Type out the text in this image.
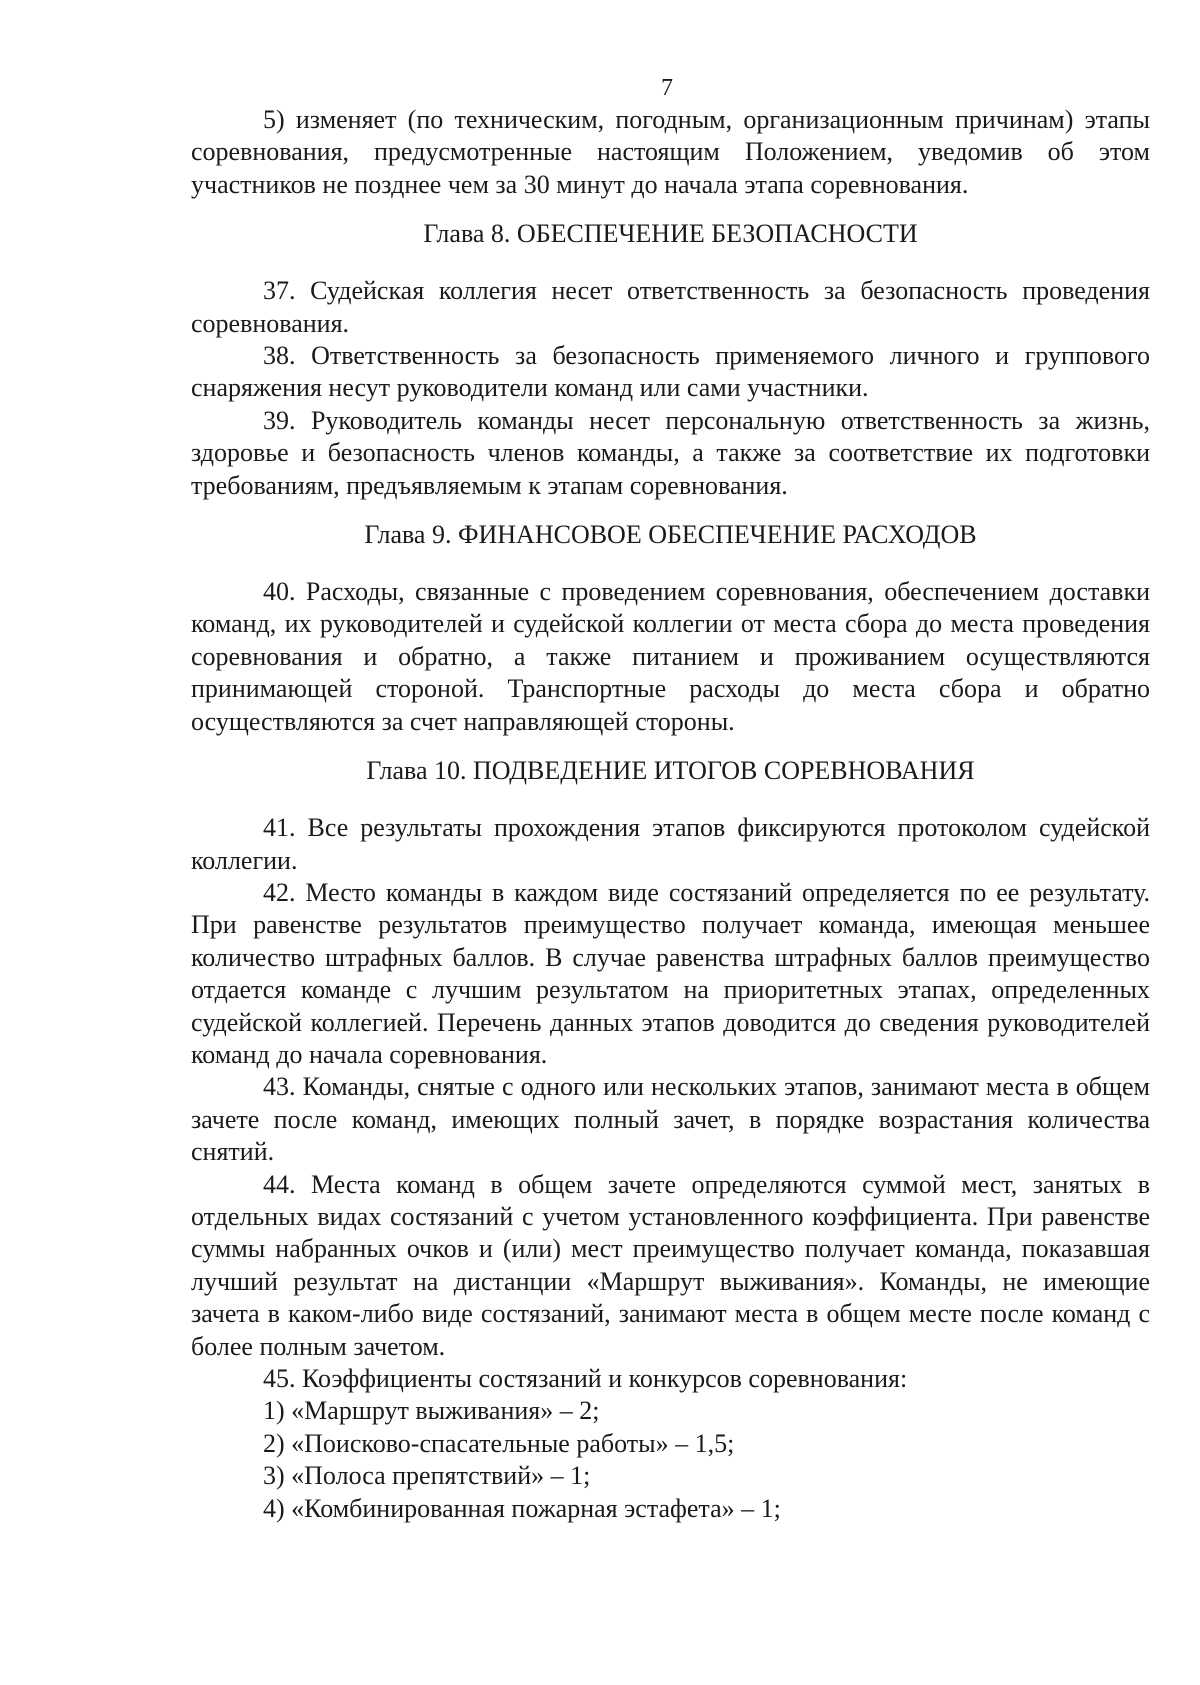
7

5) изменяет (по техническим, погодным, организационным причинам) этапы соревнования, предусмотренные настоящим Положением, уведомив об этом участников не позднее чем за 30 минут до начала этапа соревнования.

Глава 8. ОБЕСПЕЧЕНИЕ БЕЗОПАСНОСТИ

37. Судейская коллегия несет ответственность за безопасность проведения соревнования.

38. Ответственность за безопасность применяемого личного и группового снаряжения несут руководители команд или сами участники.

39. Руководитель команды несет персональную ответственность за жизнь, здоровье и безопасность членов команды, а также за соответствие их подготовки требованиям, предъявляемым к этапам соревнования.

Глава 9. ФИНАНСОВОЕ ОБЕСПЕЧЕНИЕ РАСХОДОВ

40. Расходы, связанные с проведением соревнования, обеспечением доставки команд, их руководителей и судейской коллегии от места сбора до места проведения соревнования и обратно, а также питанием и проживанием осуществляются принимающей стороной. Транспортные расходы до места сбора и обратно осуществляются за счет направляющей стороны.

Глава 10. ПОДВЕДЕНИЕ ИТОГОВ СОРЕВНОВАНИЯ

41. Все результаты прохождения этапов фиксируются протоколом судейской коллегии.

42. Место команды в каждом виде состязаний определяется по ее результату. При равенстве результатов преимущество получает команда, имеющая меньшее количество штрафных баллов. В случае равенства штрафных баллов преимущество отдается команде с лучшим результатом на приоритетных этапах, определенных судейской коллегией. Перечень данных этапов доводится до сведения руководителей команд до начала соревнования.

43. Команды, снятые с одного или нескольких этапов, занимают места в общем зачете после команд, имеющих полный зачет, в порядке возрастания количества снятий.

44. Места команд в общем зачете определяются суммой мест, занятых в отдельных видах состязаний с учетом установленного коэффициента. При равенстве суммы набранных очков и (или) мест преимущество получает команда, показавшая лучший результат на дистанции «Маршрут выживания». Команды, не имеющие зачета в каком-либо виде состязаний, занимают места в общем месте после команд с более полным зачетом.

45. Коэффициенты состязаний и конкурсов соревнования:

1) «Маршрут выживания» – 2;

2) «Поисково-спасательные работы» – 1,5;

3) «Полоса препятствий» – 1;

4) «Комбинированная пожарная эстафета» – 1;
